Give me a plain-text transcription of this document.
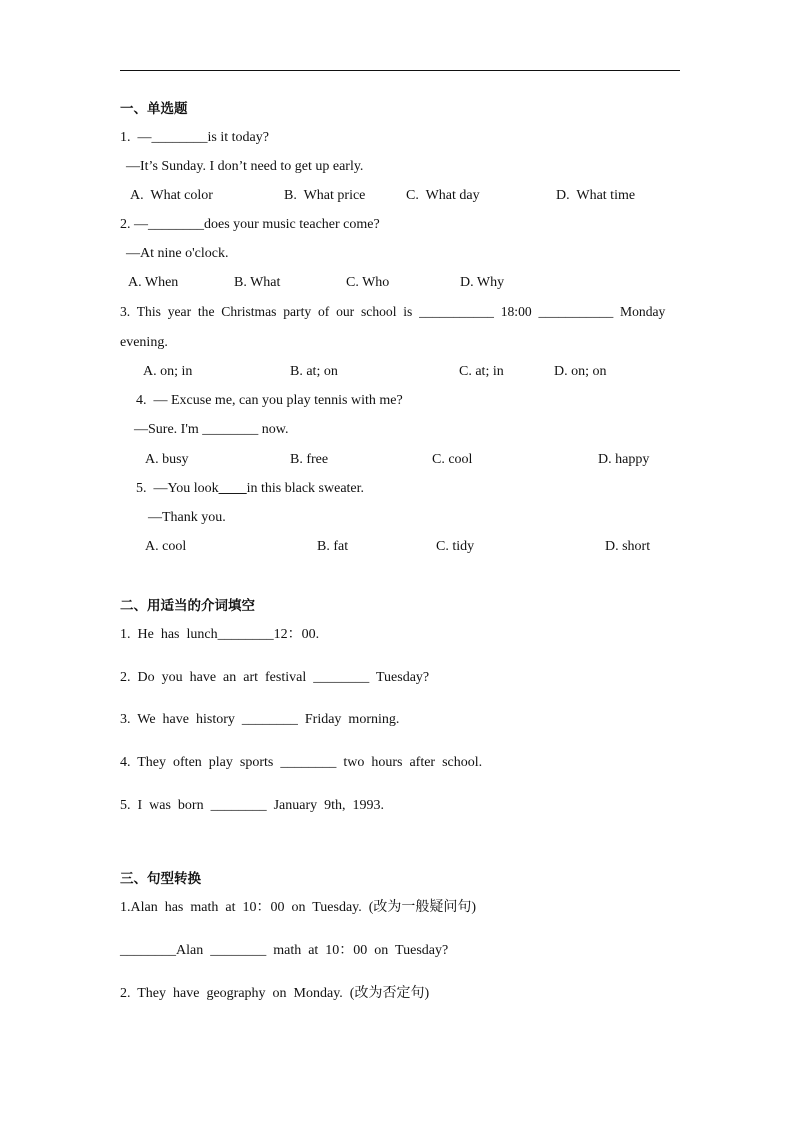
一、单选题
1.  —________is it today?
—It’s Sunday. I don’t need to get up early.
A.  What color	B.  What price	C.  What day	D.  What time
2. —________does your music teacher come?
—At nine o'clock.
A. When	B. What	C. Who	D. Why
3.  This  year  the  Christmas  party  of  our  school  is  ___________  18:00  ___________  Monday
evening.
A. on; in	B. at; on	C. at; in	D. on; on
4.  — Excuse me, can you play tennis with me?
—Sure. I'm ________ now.
A. busy	B. free	C. cool	D. happy
5.  —You look____in this black sweater.
—Thank you.
A. cool	B. fat	C. tidy	D. short
二、用适当的介词填空
1.  He  has  lunch________12：00.
2.  Do  you  have  an  art  festival  ________  Tuesday?
3.  We  have  history  ________  Friday  morning.
4.  They  often  play  sports  ________  two  hours  after  school.
5.  I  was  born  ________  January  9th,  1993.
三、句型转换
1.Alan  has  math  at  10：00  on  Tuesday.  (改为一般疑问句)
________Alan  ________  math  at  10：00  on  Tuesday?
2.  They  have  geography  on  Monday.  (改为否定句)
